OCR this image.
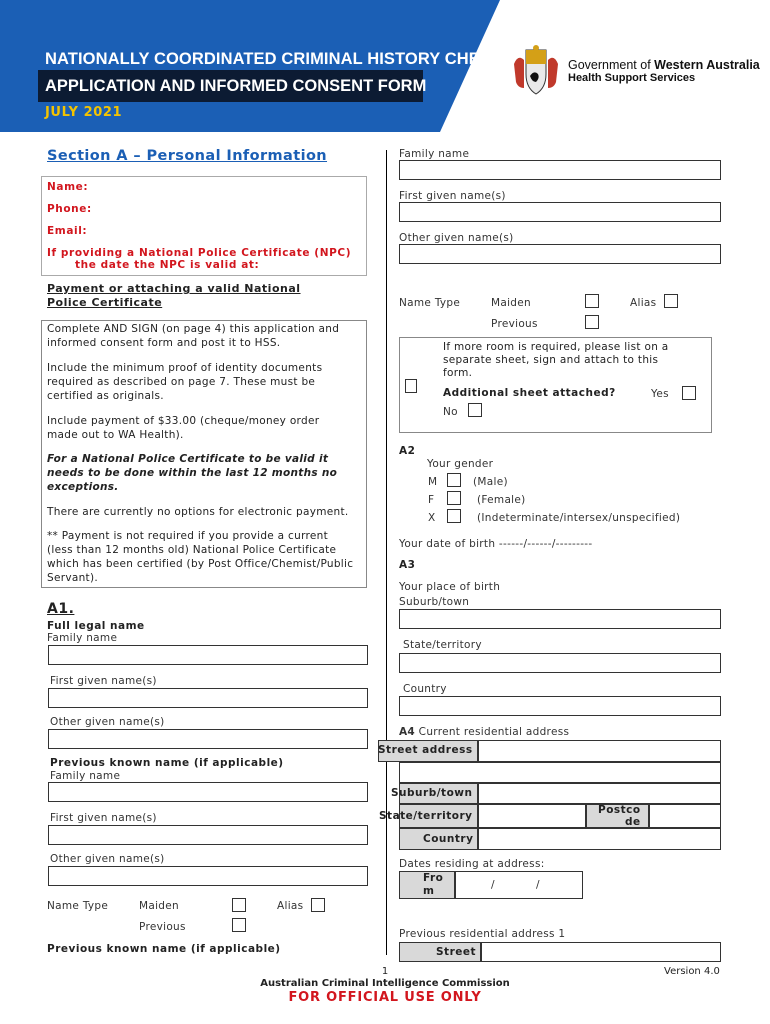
NATIONALLY COORDINATED CRIMINAL HISTORY CHECK
APPLICATION AND INFORMED CONSENT FORM
JULY 2021
Government of Western Australia
Health Support Services
Section A – Personal Information
Name:
Phone:
Email:
If providing a National Police Certificate (NPC)
the date the NPC is valid at:
Payment or attaching a valid National
Police Certificate
Complete AND SIGN (on page 4) this application and
informed consent form and post it to HSS.
Include the minimum proof of identity documents
required as described on page 7. These must be
certified as originals.
Include payment of $33.00 (cheque/money order
made out to WA Health).
For a National Police Certificate to be valid it
needs to be done within the last 12 months no
exceptions.
There are currently no options for electronic payment.
** Payment is not required if you provide a current
(less than 12 months old) National Police Certificate
which has been certified (by Post Office/Chemist/Public
Servant).
A1.
Full legal name
Family name
First given name(s)
Other given name(s)
Previous known name (if applicable)
Family name
First given name(s)
Other given name(s)
Name Type	Maiden	Alias
Previous
Previous known name (if applicable)
Family name
First given name(s)
Other given name(s)
Name Type	Maiden	Alias
Previous
If more room is required, please list on a
separate sheet, sign and attach to this
form.
Additional sheet attached?	Yes
No
A2
Your gender
M	(Male)
F	(Female)
X	(Indeterminate/intersex/unspecified)
Your date of birth ------/------/---------
A3
Your place of birth
Suburb/town
State/territory
Country
A4 Current residential address
Street address
Suburb/town
State/territory	Postco
de
Country
Dates residing at address:
Fro
m	/	/
Previous residential address 1
Street
1	Version 4.0
Australian Criminal Intelligence Commission
FOR OFFICIAL USE ONLY
